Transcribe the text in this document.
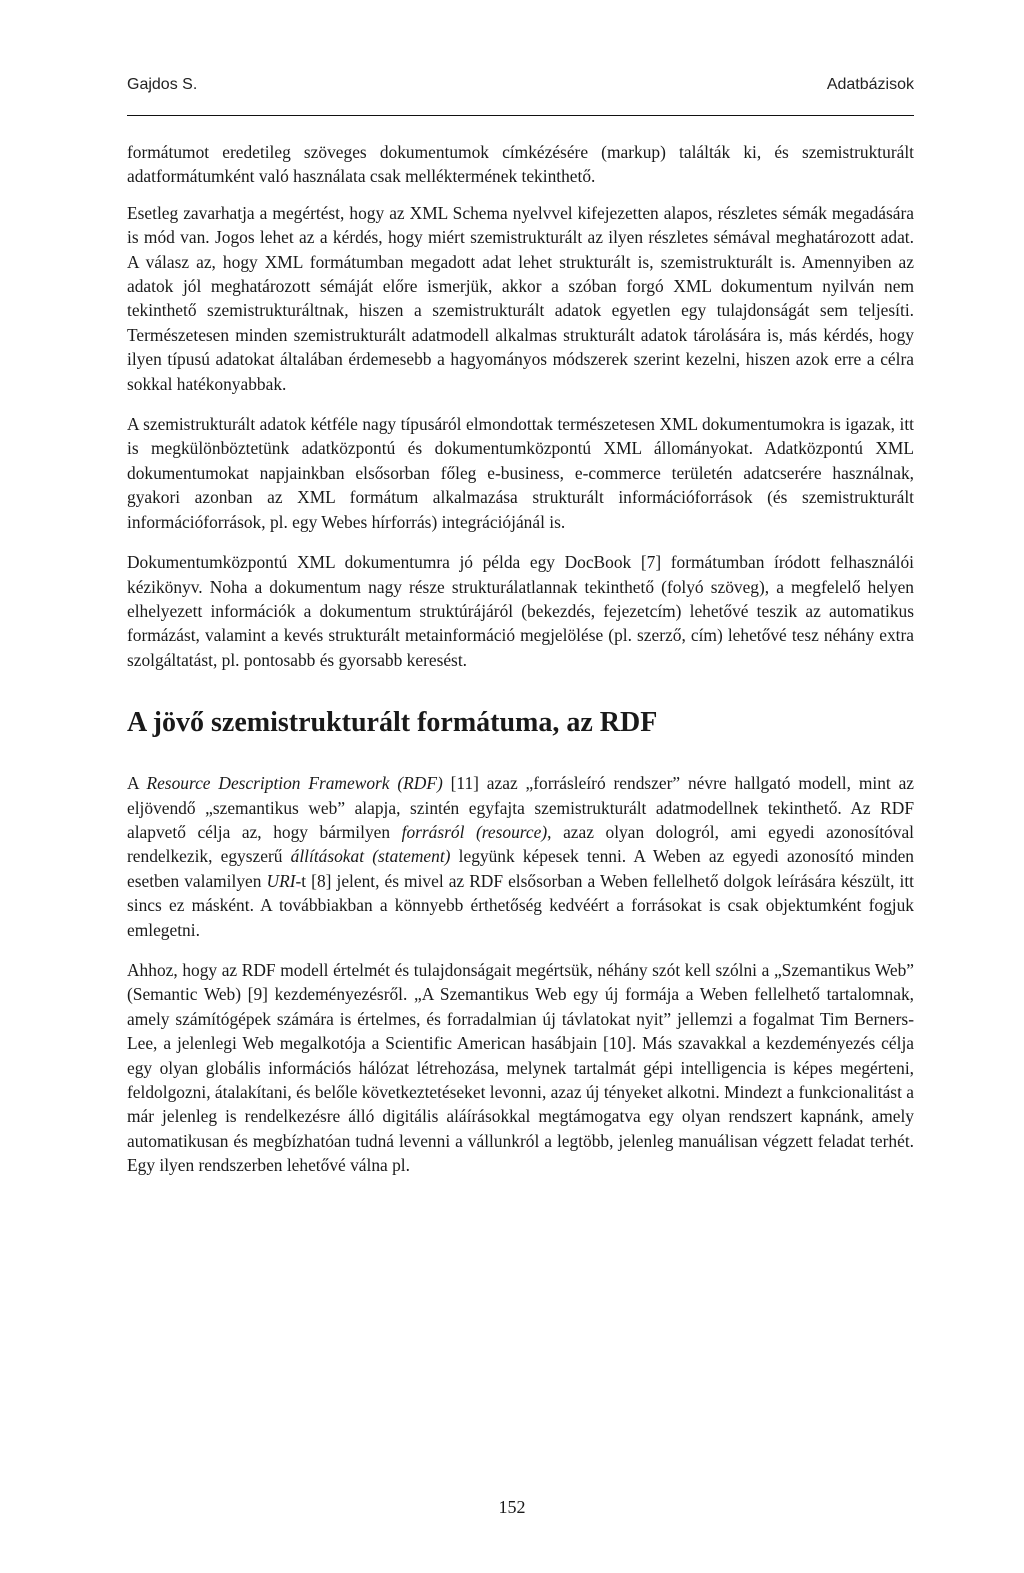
Gajdos S.	Adatbázisok

formátumot eredetileg szöveges dokumentumok címkézésére (markup) találták ki, és szemistrukturált adatformátumként való használata csak melléktermének tekinthető.

Esetleg zavarhatja a megértést, hogy az XML Schema nyelvvel kifejezetten alapos, részletes sémák megadására is mód van. Jogos lehet az a kérdés, hogy miért szemistrukturált az ilyen részletes sémával meghatározott adat. A válasz az, hogy XML formátumban megadott adat lehet strukturált is, szemistrukturált is. Amennyiben az adatok jól meghatározott sémáját előre ismerjük, akkor a szóban forgó XML dokumentum nyilván nem tekinthető szemistrukturáltnak, hiszen a szemistrukturált adatok egyetlen egy tulajdonságát sem teljesíti. Természetesen minden szemistrukturált adatmodell alkalmas strukturált adatok tárolására is, más kérdés, hogy ilyen típusú adatokat általában érdemesebb a hagyományos módszerek szerint kezelni, hiszen azok erre a célra sokkal hatékonyabbak.

A szemistrukturált adatok kétféle nagy típusáról elmondottak természetesen XML dokumentumokra is igazak, itt is megkülönböztetünk adatközpontú és dokumentumközpontú XML állományokat. Adatközpontú XML dokumentumokat napjainkban elsősorban főleg e-business, e-commerce területén adatcserére használnak, gyakori azonban az XML formátum alkalmazása strukturált információforrások (és szemistrukturált információforrások, pl. egy Webes hírforrás) integrációjánál is.

Dokumentumközpontú XML dokumentumra jó példa egy DocBook [7] formátumban íródott felhasználói kézikönyv. Noha a dokumentum nagy része strukturálatlannak tekinthető (folyó szöveg), a megfelelő helyen elhelyezett információk a dokumentum struktúrájáról (bekezdés, fejezetcím) lehetővé teszik az automatikus formázást, valamint a kevés strukturált metainformáció megjelölése (pl. szerző, cím) lehetővé tesz néhány extra szolgáltatást, pl. pontosabb és gyorsabb keresést.

A jövő szemistrukturált formátuma, az RDF

A Resource Description Framework (RDF) [11] azaz „forrásleíró rendszer” névre hallgató modell, mint az eljövendő „szemantikus web” alapja, szintén egyfajta szemistrukturált adatmodellnek tekinthető. Az RDF alapvető célja az, hogy bármilyen forrásról (resource), azaz olyan dologról, ami egyedi azonosítóval rendelkezik, egyszerű állításokat (statement) legyünk képesek tenni. A Weben az egyedi azonosító minden esetben valamilyen URI-t [8] jelent, és mivel az RDF elsősorban a Weben fellelhető dolgok leírására készült, itt sincs ez másként. A továbbiakban a könnyebb érthetőség kedvéért a forrásokat is csak objektumként fogjuk emlegetni.

Ahhoz, hogy az RDF modell értelmét és tulajdonságait megértsük, néhány szót kell szólni a „Szemantikus Web” (Semantic Web) [9] kezdeményezésről. „A Szemantikus Web egy új formája a Weben fellelhető tartalomnak, amely számítógépek számára is értelmes, és forradalmian új távlatokat nyit” jellemzi a fogalmat Tim Berners-Lee, a jelenlegi Web megalkotója a Scientific American hasábjain [10]. Más szavakkal a kezdeményezés célja egy olyan globális információs hálózat létrehozása, melynek tartalmát gépi intelligencia is képes megérteni, feldolgozni, átalakítani, és belőle következtetéseket levonni, azaz új tényeket alkotni. Mindezt a funkcionalitást a már jelenleg is rendelkezésre álló digitális aláírásokkal megtámogatva egy olyan rendszert kapnánk, amely automatikusan és megbízhatóan tudná levenni a vállunkról a legtöbb, jelenleg manuálisan végzett feladat terhét. Egy ilyen rendszerben lehetővé válna pl.

152
